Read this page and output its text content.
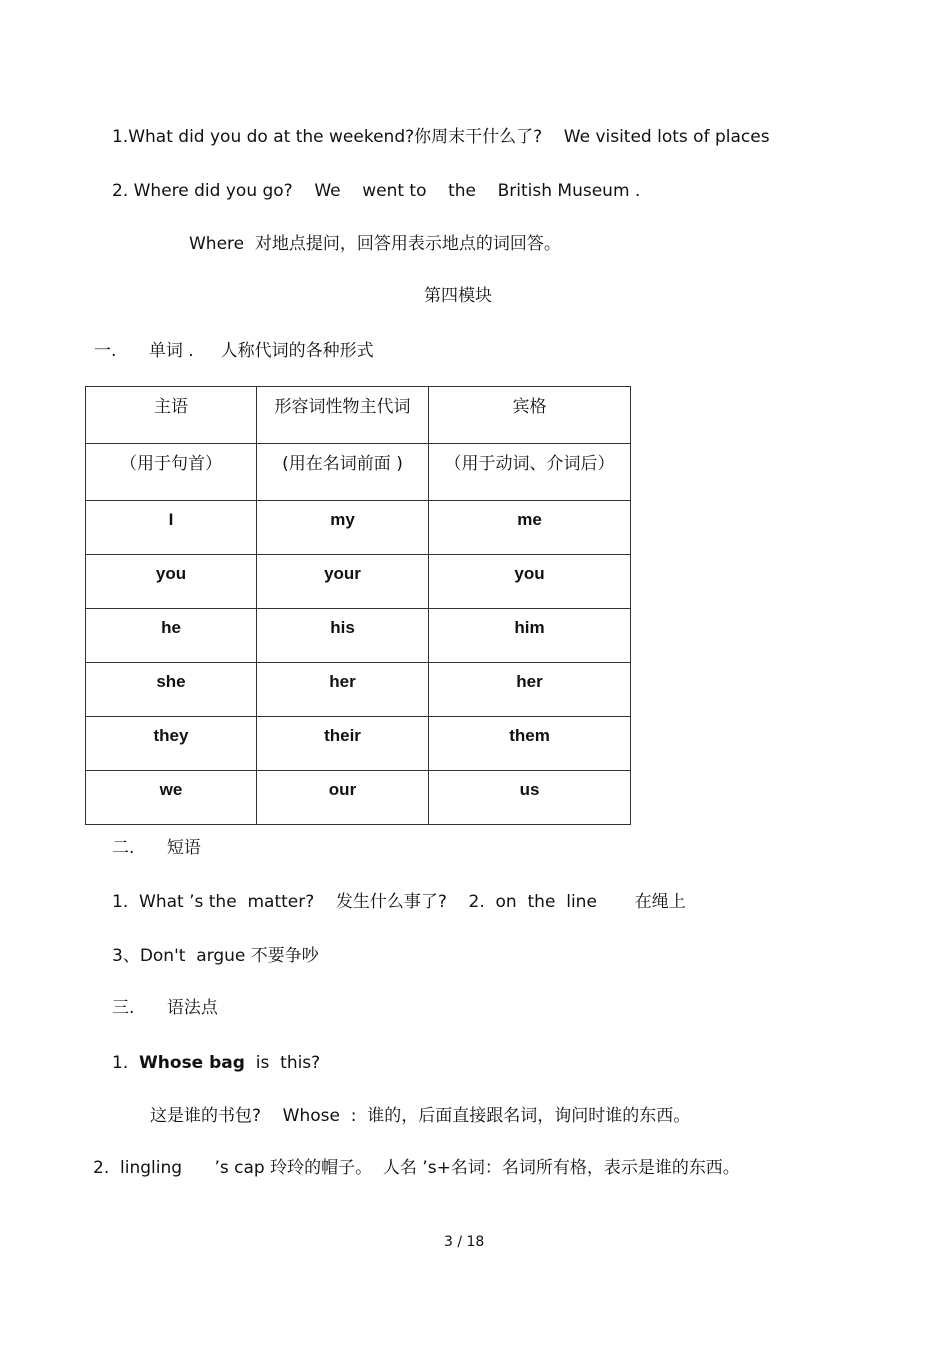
1.What did you do at the weekend?你周末干什么了?    We visited lots of places
2. Where did you go?    We    went to    the    British Museum .
Where  对地点提问，回答用表示地点的词回答。
第四模块
一.      单词 .     人称代词的各种形式
主语	形容词性物主代词	宾格
（用于句首）	(用在名词前面 )	（用于动词、介词后）
I	my	me
you	your	you
he	his	him
she	her	her
they	their	them
we	our	us
二.      短语
1.  What ’s the  matter?    发生什么事了?    2.  on  the  line       在绳上
3、Don't  argue 不要争吵
三.      语法点
1.  Whose bag  is  this?
这是谁的书包?    Whose  :  谁的，后面直接跟名词，询问时谁的东西。
2.  lingling      ’s cap 玲玲的帽子。  人名 ’s+名词：名词所有格，表示是谁的东西。
3 / 18
